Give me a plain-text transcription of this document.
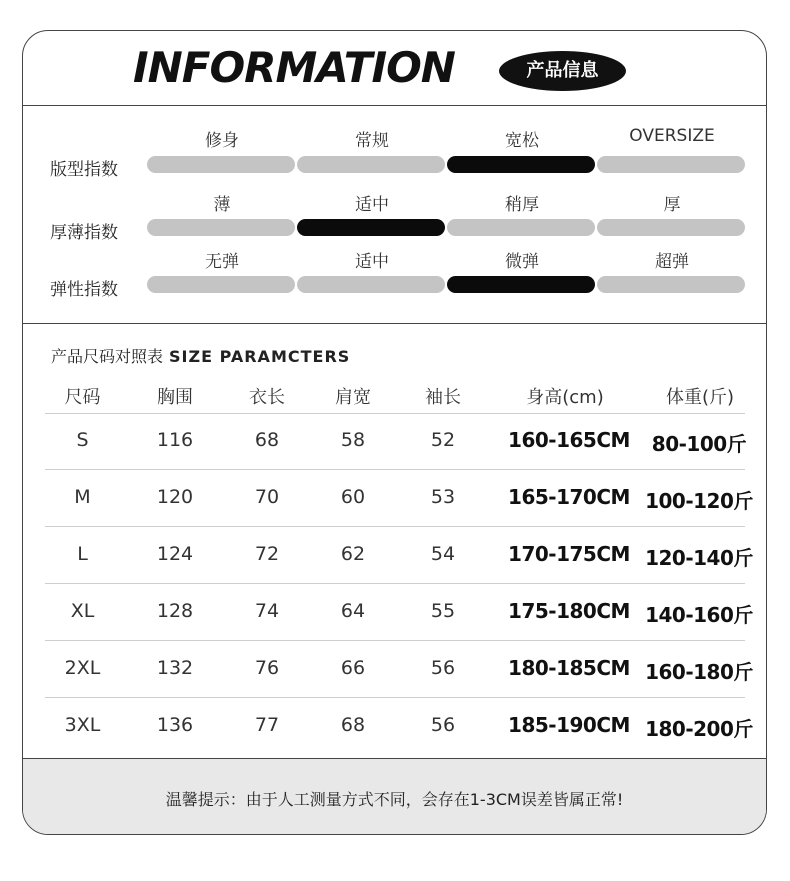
INFORMATION	产品信息
修身	常规	宽松	OVERSIZE
版型指数
薄	适中	稍厚	厚
厚薄指数
无弹	适中	微弹	超弹
弹性指数
产品尺码对照表 SIZE PARAMCTERS
尺码	胸围	衣长	肩宽	袖长	身高(cm)	体重(斤)
S	116	68	58	52	160-165CM	80-100斤
M	120	70	60	53	165-170CM 100-120斤
L	124	72	62	54	170-175CM 120-140斤
XL	128	74	64	55	175-180CM 140-160斤
2XL	132	76	66	56	180-185CM 160-180斤
3XL	136	77	68	56	185-190CM 180-200斤
温馨提示：由于人工测量方式不同，会存在1-3CM误差皆属正常!
